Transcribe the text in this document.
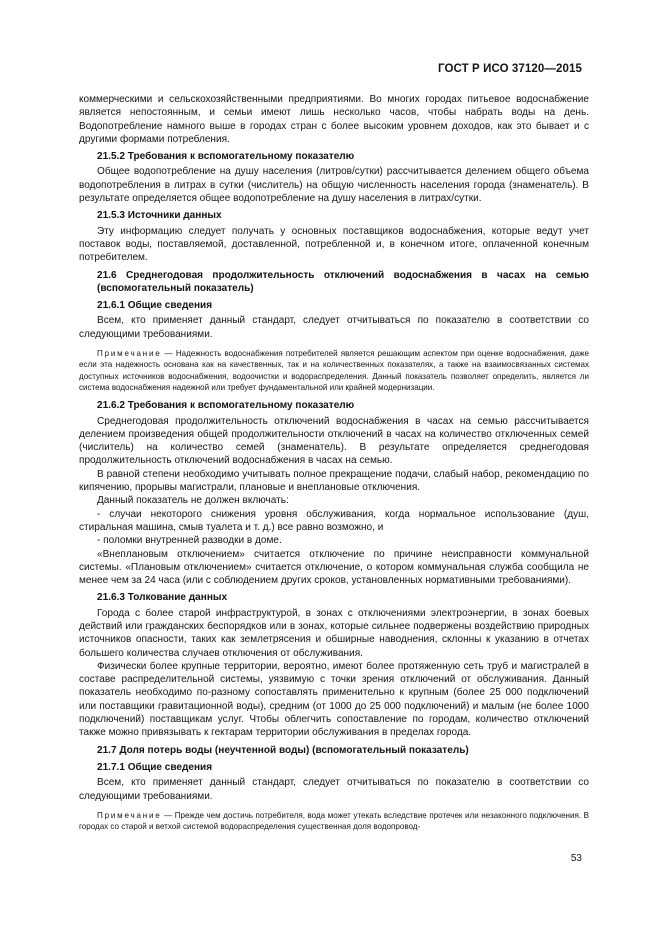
ГОСТ Р ИСО 37120—2015
коммерческими и сельскохозяйственными предприятиями. Во многих городах питьевое водоснабжение является непостоянным, и семьи имеют лишь несколько часов, чтобы набрать воды на день. Водопотребление намного выше в городах стран с более высоким уровнем доходов, как это бывает и с другими формами потребления.
21.5.2 Требования к вспомогательному показателю
Общее водопотребление на душу населения (литров/сутки) рассчитывается делением общего объема водопотребления в литрах в сутки (числитель) на общую численность населения города (знаменатель). В результате определяется общее водопотребление на душу населения в литрах/сутки.
21.5.3 Источники данных
Эту информацию следует получать у основных поставщиков водоснабжения, которые ведут учет поставок воды, поставляемой, доставленной, потребленной и, в конечном итоге, оплаченной конечным потребителем.
21.6 Среднегодовая продолжительность отключений водоснабжения в часах на семью (вспомогательный показатель)
21.6.1 Общие сведения
Всем, кто применяет данный стандарт, следует отчитываться по показателю в соответствии со следующими требованиями.
Примечание — Надежность водоснабжения потребителей является решающим аспектом при оценке водоснабжения, даже если эта надежность основана как на качественных, так и на количественных показателях, а также на взаимосвязанных системах доступных источников водоснабжения, водоочистки и водораспределения. Данный показатель позволяет определить, является ли система водоснабжения надежной или требует фундаментальной или крайней модернизации.
21.6.2 Требования к вспомогательному показателю
Среднегодовая продолжительность отключений водоснабжения в часах на семью рассчитывается делением произведения общей продолжительности отключений в часах на количество отключенных семей (числитель) на количество семей (знаменатель). В результате определяется среднегодовая продолжительность отключений водоснабжения в часах на семью.
В равной степени необходимо учитывать полное прекращение подачи, слабый набор, рекомендацию по кипячению, прорывы магистрали, плановые и внеплановые отключения.
Данный показатель не должен включать:
- случаи некоторого снижения уровня обслуживания, когда нормальное использование (душ, стиральная машина, смыв туалета и т. д.) все равно возможно, и
- поломки внутренней разводки в доме.
«Внеплановым отключением» считается отключение по причине неисправности коммунальной системы. «Плановым отключением» считается отключение, о котором коммунальная служба сообщила не менее чем за 24 часа (или с соблюдением других сроков, установленных нормативными требованиями).
21.6.3 Толкование данных
Города с более старой инфраструктурой, в зонах с отключениями электроэнергии, в зонах боевых действий или гражданских беспорядков или в зонах, которые сильнее подвержены воздействию природных источников опасности, таких как землетрясения и обширные наводнения, склонны к указанию в отчетах большего количества случаев отключения от обслуживания.
Физически более крупные территории, вероятно, имеют более протяженную сеть труб и магистралей в составе распределительной системы, уязвимую с точки зрения отключений от обслуживания. Данный показатель необходимо по-разному сопоставлять применительно к крупным (более 25 000 подключений или поставщики гравитационной воды), средним (от 1000 до 25 000 подключений) и малым (не более 1000 подключений) поставщикам услуг. Чтобы облегчить сопоставление по городам, количество отключений также можно привязывать к гектарам территории обслуживания в пределах города.
21.7 Доля потерь воды (неучтенной воды) (вспомогательный показатель)
21.7.1 Общие сведения
Всем, кто применяет данный стандарт, следует отчитываться по показателю в соответствии со следующими требованиями.
Примечание — Прежде чем достичь потребителя, вода может утекать вследствие протечек или незаконного подключения. В городах со старой и ветхой системой водораспределения существенная доля водопровод-
53
